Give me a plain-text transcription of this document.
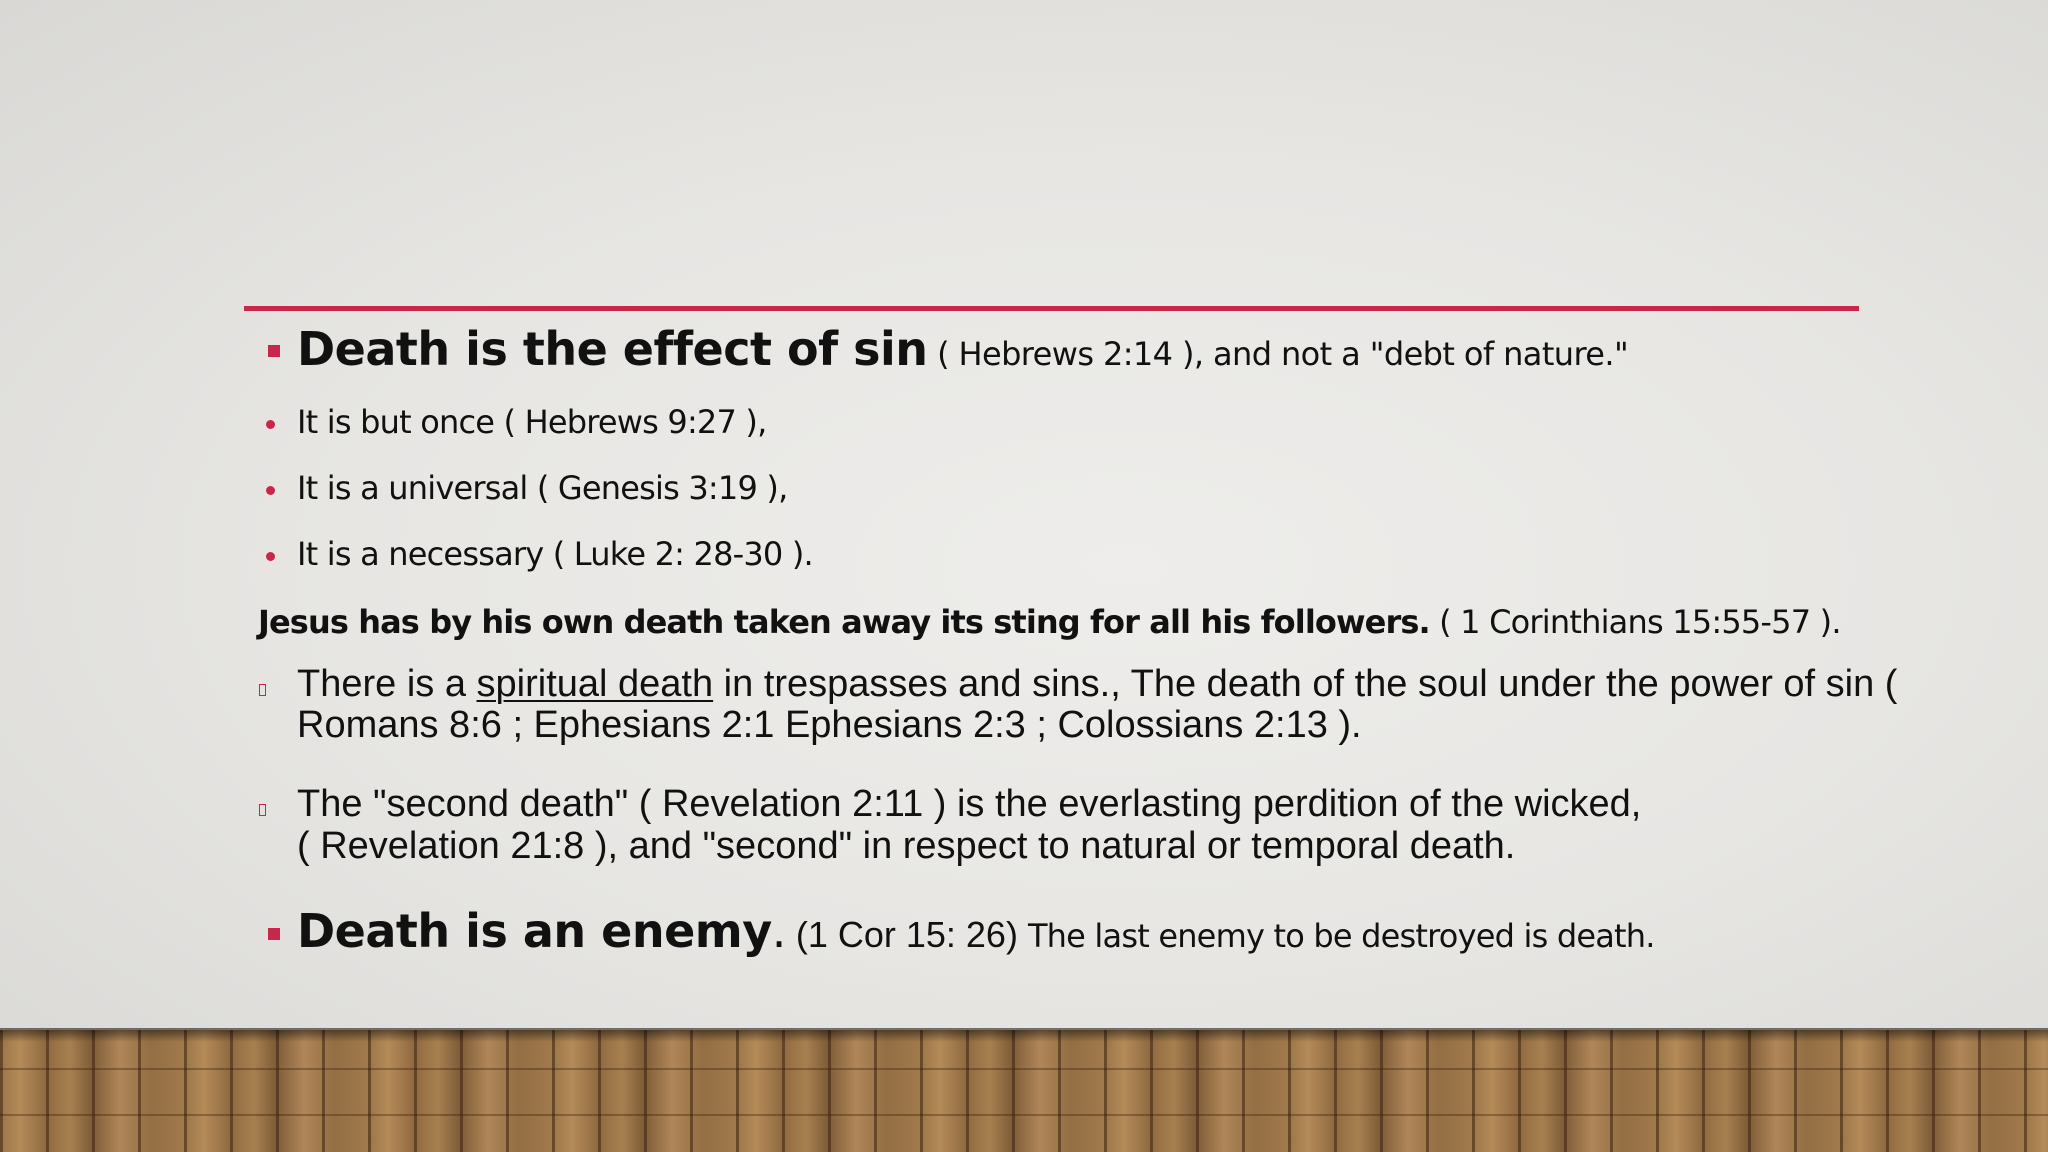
Death is the effect of sin ( Hebrews 2:14 ), and not a "debt of nature."
It is but once ( Hebrews 9:27 ),
It is a universal ( Genesis 3:19 ),
It is a necessary ( Luke 2: 28-30 ).
Jesus has by his own death taken away its sting for all his followers. ( 1 Corinthians 15:55-57 ).
There is a spiritual death in trespasses and sins., The death of the soul under the power of sin (
Romans 8:6 ; Ephesians 2:1 Ephesians 2:3 ; Colossians 2:13 ).
The "second death" ( Revelation 2:11 ) is the everlasting perdition of the wicked,
( Revelation 21:8 ), and "second" in respect to natural or temporal death.
Death is an enemy. (1 Cor 15: 26) The last enemy to be destroyed is death.
